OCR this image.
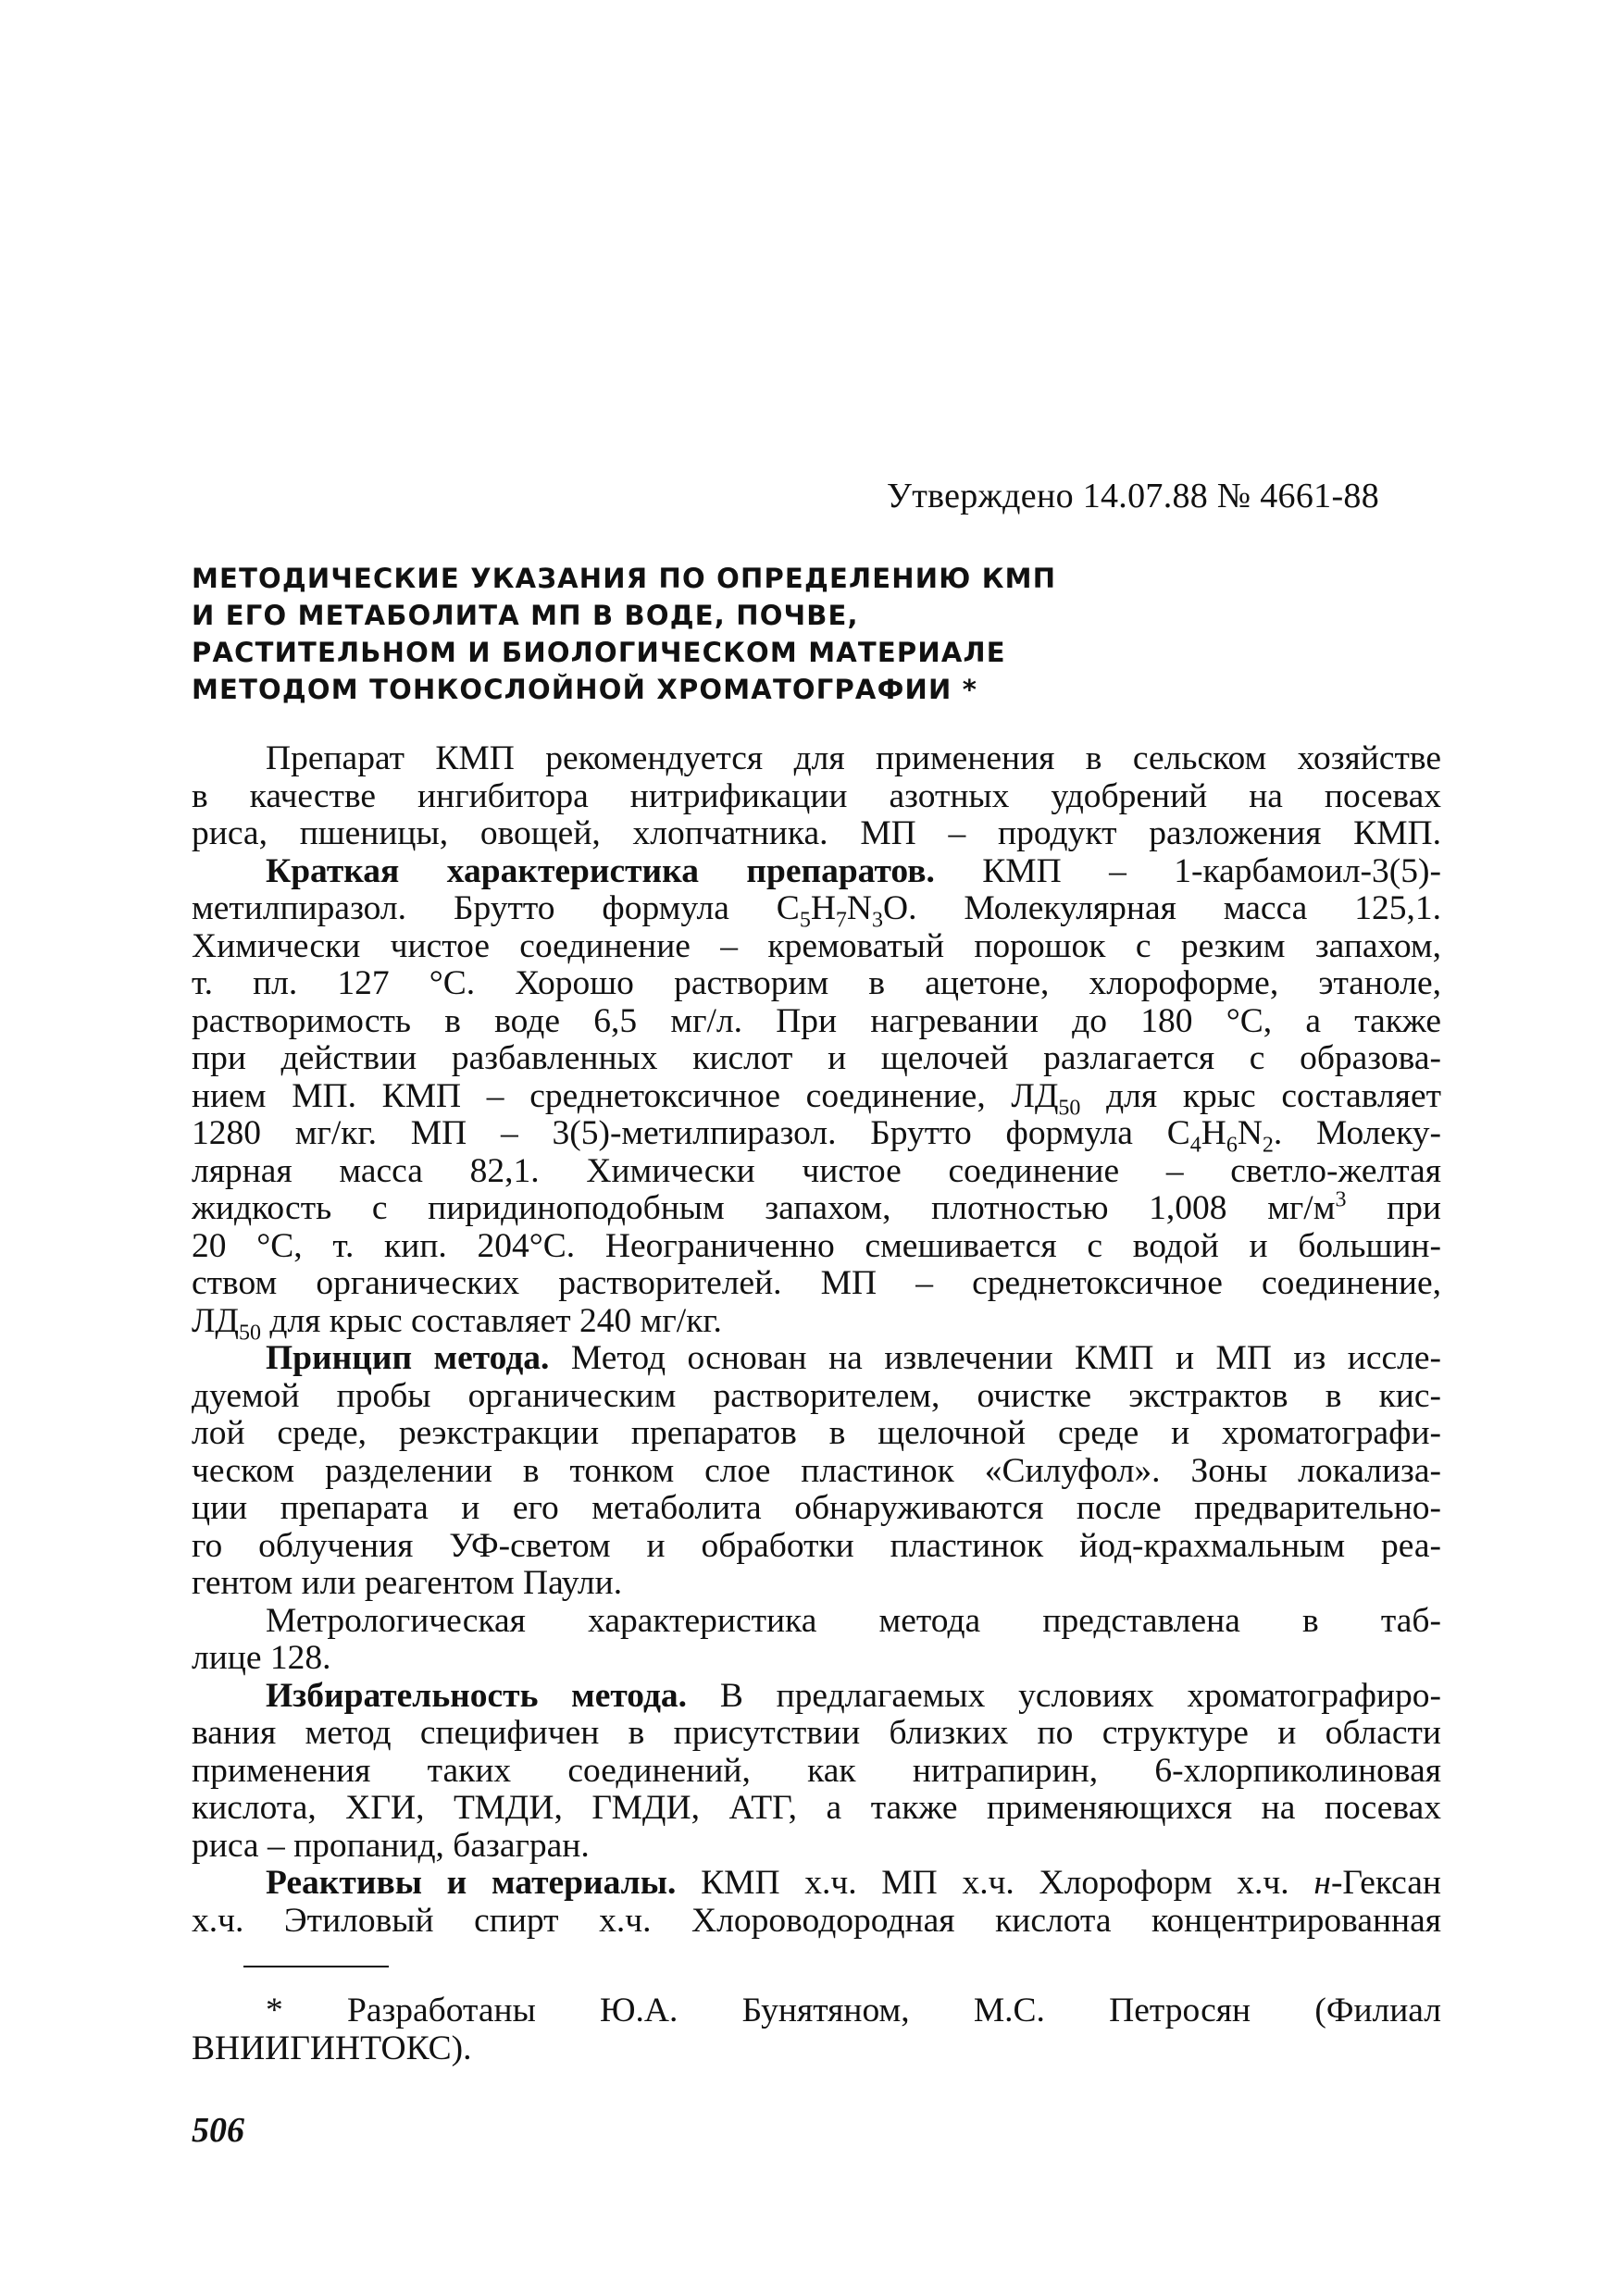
Утверждено 14.07.88 № 4661-88
МЕТОДИЧЕСКИЕ УКАЗАНИЯ ПО ОПРЕДЕЛЕНИЮ КМП
И ЕГО МЕТАБОЛИТА МП В ВОДЕ, ПОЧВЕ,
РАСТИТЕЛЬНОМ И БИОЛОГИЧЕСКОМ МАТЕРИАЛЕ
МЕТОДОМ ТОНКОСЛОЙНОЙ ХРОМАТОГРАФИИ *
Препарат КМП рекомендуется для применения в сельском хозяйстве
в качестве ингибитора нитрификации азотных удобрений на посевах
риса, пшеницы, овощей, хлопчатника. МП – продукт разложения КМП.
Краткая характеристика препаратов. КМП – 1-карбамоил-3(5)-
метилпиразол. Брутто формула $C_5H_7N_3O$. Молекулярная масса 125,1.
Химически чистое соединение – кремоватый порошок с резким запахом,
т. пл. 127 °С. Хорошо растворим в ацетоне, хлороформе, этаноле,
растворимость в воде 6,5 мг/л. При нагревании до 180 °С, а также
при действии разбавленных кислот и щелочей разлагается с образова-
нием МП. КМП – среднетоксичное соединение, $ЛД_{50}$ для крыс составляет
1280 мг/кг. МП – 3(5)-метилпиразол. Брутто формула $C_4H_6N_2$. Молеку-
лярная масса 82,1. Химически чистое соединение – светло-желтая
жидкость с пиридиноподобным запахом, плотностью 1,008 $мг/м^3$ при
20 °С, т. кип. 204°С. Неограниченно смешивается с водой и большин-
ством органических растворителей. МП – среднетоксичное соединение,
$ЛД_{50}$ для крыс составляет 240 мг/кг.
Принцип метода. Метод основан на извлечении КМП и МП из иссле-
дуемой пробы органическим растворителем, очистке экстрактов в кис-
лой среде, реэкстракции препаратов в щелочной среде и хроматографи-
ческом разделении в тонком слое пластинок «Силуфол». Зоны локализа-
ции препарата и его метаболита обнаруживаются после предварительно-
го облучения УФ-светом и обработки пластинок йод-крахмальным реа-
гентом или реагентом Паули.
Метрологическая характеристика метода представлена в таб-
лице 128.
Избирательность метода. В предлагаемых условиях хроматографиро-
вания метод специфичен в присутствии близких по структуре и области
применения таких соединений, как нитрапирин, 6-хлорпиколиновая
кислота, ХГИ, ТМДИ, ГМДИ, АТГ, а также применяющихся на посевах
риса – пропанид, базагран.
Реактивы и материалы. КМП х.ч. МП х.ч. Хлороформ х.ч. н-Гексан
х.ч. Этиловый спирт х.ч. Хлороводородная кислота концентрированная
* Разработаны Ю.А. Бунятяном, М.С. Петросян (Филиал
ВНИИГИНТОКС).
506
